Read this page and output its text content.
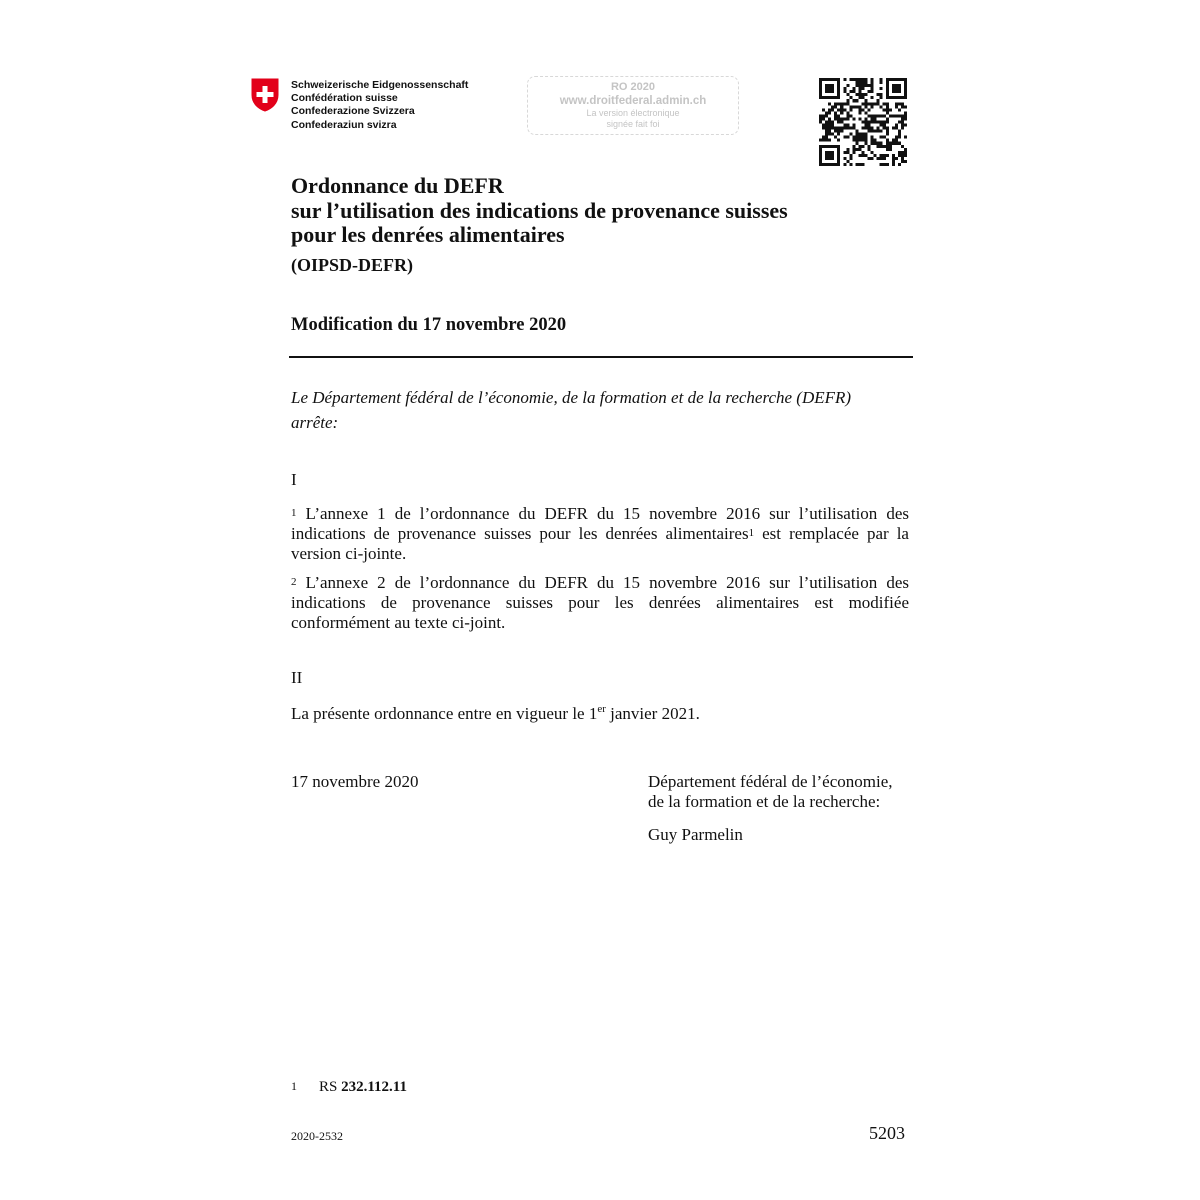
Schweizerische Eidgenossenschaft
Confédération suisse
Confederazione Svizzera
Confederaziun svizra
RO 2020
www.droitfederal.admin.ch
La version électronique
signée fait foi
Ordonnance du DEFR
sur l’utilisation des indications de provenance suisses
pour les denrées alimentaires
(OIPSD-DEFR)
Modification du 17 novembre 2020
Le Département fédéral de l’économie, de la formation et de la recherche (DEFR)
arrête:
I
$^1$ L’annexe 1 de l’ordonnance du DEFR du 15 novembre 2016 sur l’utilisation des indications de provenance suisses pour les denrées alimentaires$^1$ est remplacée par la version ci-jointe.
$^2$ L’annexe 2 de l’ordonnance du DEFR du 15 novembre 2016 sur l’utilisation des indications de provenance suisses pour les denrées alimentaires est modifiée conformément au texte ci-joint.
II
La présente ordonnance entre en vigueur le 1er janvier 2021.
17 novembre 2020	Département fédéral de l’économie,
de la formation et de la recherche:
Guy Parmelin
$^1$ RS 232.112.11
2020-2532	5203
